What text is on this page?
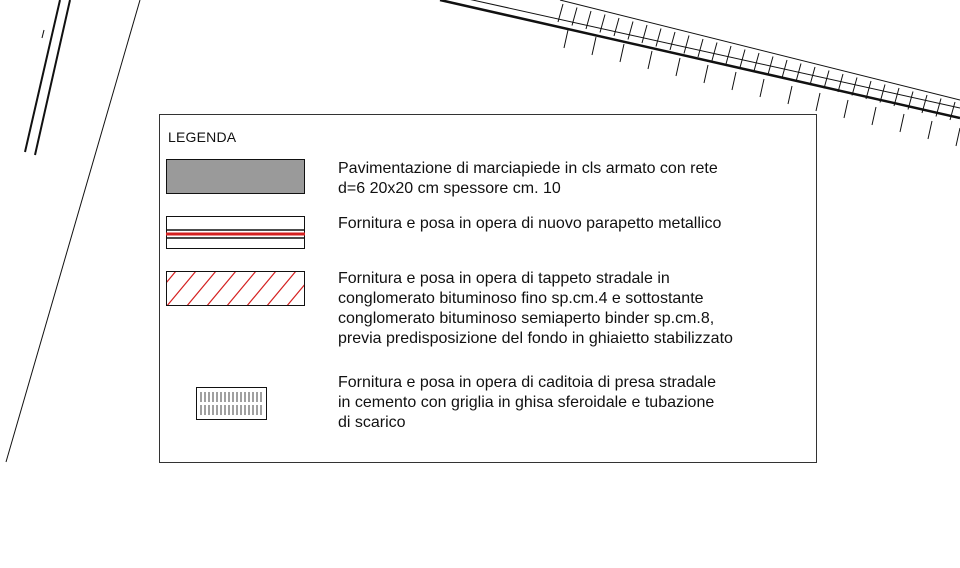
LEGENDA
Pavimentazione di marciapiede in cls armato con rete
d=6 20x20 cm spessore cm. 10
Fornitura e posa in opera di nuovo parapetto metallico
Fornitura e posa in opera di tappeto stradale in
conglomerato bituminoso fino sp.cm.4 e sottostante
conglomerato bituminoso semiaperto binder sp.cm.8,
previa predisposizione del fondo in ghiaietto stabilizzato
Fornitura e posa in opera di caditoia di presa stradale
in cemento con griglia in ghisa sferoidale e tubazione
di scarico
